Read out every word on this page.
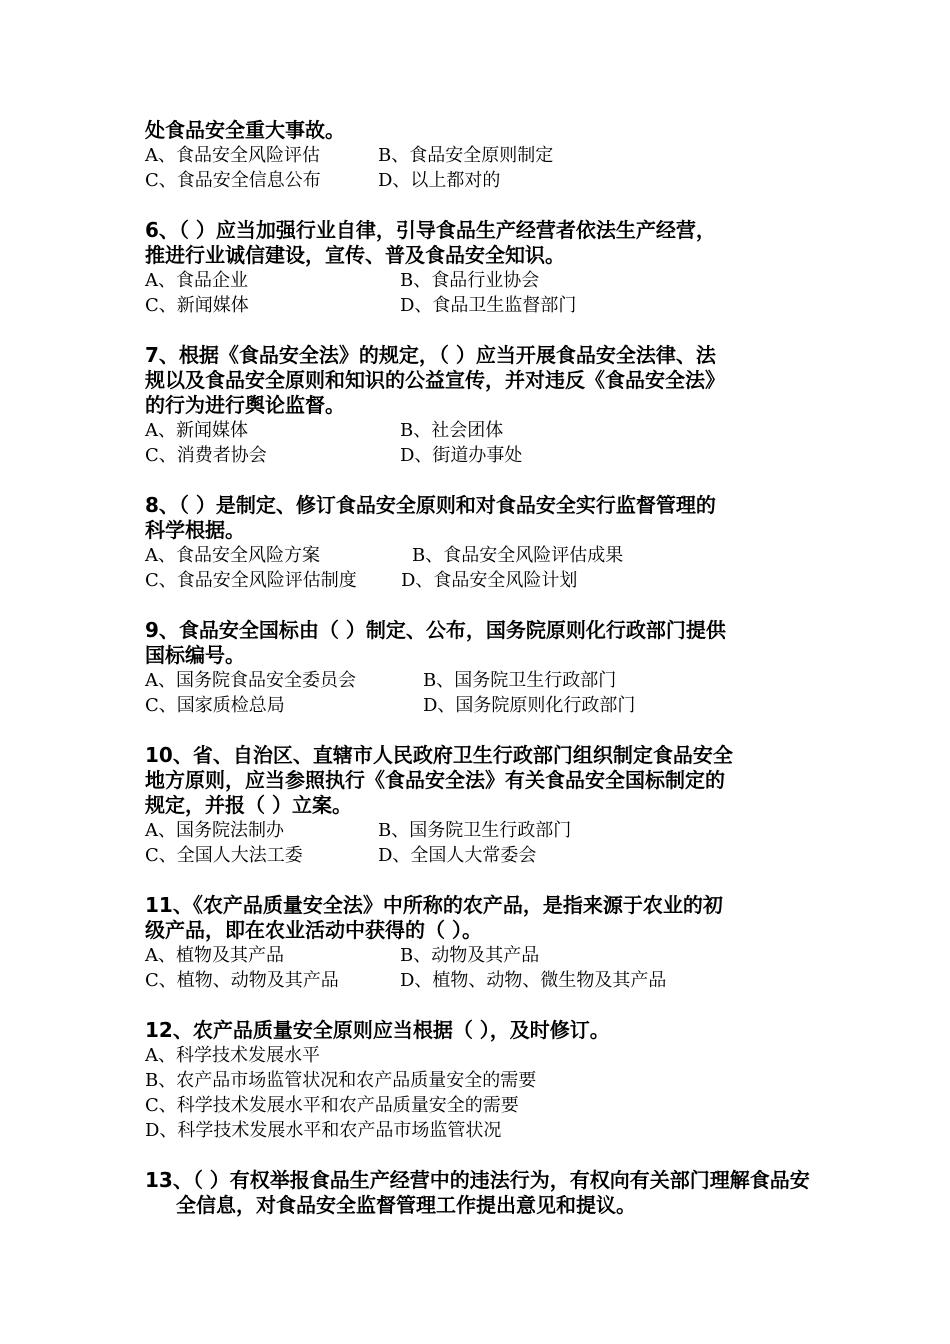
处食品安全重大事故。
A、食品安全风险评估	B、食品安全原则制定
C、食品安全信息公布	D、以上都对的
6、（ ）应当加强行业自律，引导食品生产经营者依法生产经营，
推进行业诚信建设，宣传、普及食品安全知识。
A、食品企业	B、食品行业协会
C、新闻媒体	D、食品卫生监督部门
7、根据《食品安全法》的规定，（ ）应当开展食品安全法律、法
规以及食品安全原则和知识的公益宣传，并对违反《食品安全法》
的行为进行舆论监督。
A、新闻媒体	B、社会团体
C、消费者协会	D、街道办事处
8、（ ）是制定、修订食品安全原则和对食品安全实行监督管理的
科学根据。
A、食品安全风险方案	B、食品安全风险评估成果
C、食品安全风险评估制度 D、食品安全风险计划
9、食品安全国标由（ ）制定、公布，国务院原则化行政部门提供
国标编号。
A、国务院食品安全委员会	B、国务院卫生行政部门
C、国家质检总局	D、国务院原则化行政部门
10、省、自治区、直辖市人民政府卫生行政部门组织制定食品安全
地方原则，应当参照执行《食品安全法》有关食品安全国标制定的
规定，并报（ ）立案。
A、国务院法制办	B、国务院卫生行政部门
C、全国人大法工委	D、全国人大常委会
11、《农产品质量安全法》中所称的农产品，是指来源于农业的初
级产品，即在农业活动中获得的（ ）。
A、植物及其产品	B、动物及其产品
C、植物、动物及其产品	D、植物、动物、微生物及其产品
12、农产品质量安全原则应当根据（ ），及时修订。
A、科学技术发展水平
B、农产品市场监管状况和农产品质量安全的需要
C、科学技术发展水平和农产品质量安全的需要
D、科学技术发展水平和农产品市场监管状况
13、（ ）有权举报食品生产经营中的违法行为，有权向有关部门理解食品安全信息，对食品安全监督管理工作提出意见和提议。
